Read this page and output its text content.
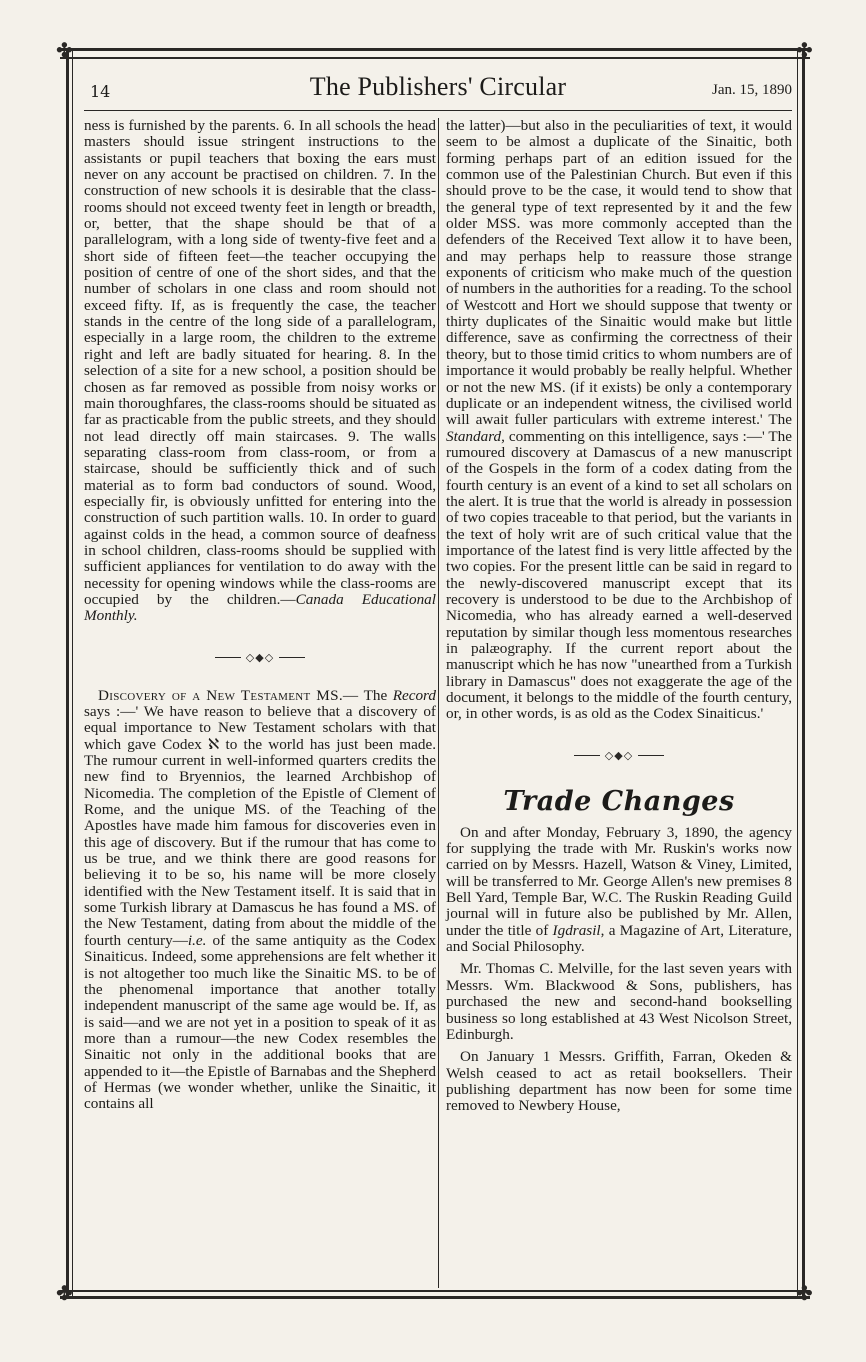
✤	✤
✤	✤
14	The Publishers' Circular	Jan. 15, 1890

ness is furnished by the parents. 6. In all schools the head masters should issue stringent instructions to the assistants or pupil teachers that boxing the ears must never on any account be practised on children. 7. In the construction of new schools it is desirable that the class-rooms should not exceed twenty feet in length or breadth, or, better, that the shape should be that of a parallelogram, with a long side of twenty-five feet and a short side of fifteen feet—the teacher occupying the position of centre of one of the short sides, and that the number of scholars in one class and room should not exceed fifty. If, as is frequently the case, the teacher stands in the centre of the long side of a parallelogram, especially in a large room, the children to the extreme right and left are badly situated for hearing. 8. In the selection of a site for a new school, a position should be chosen as far removed as possible from noisy works or main thoroughfares, the class-rooms should be situated as far as practicable from the public streets, and they should not lead directly off main staircases. 9. The walls separating class-room from class-room, or from a staircase, should be sufficiently thick and of such material as to form bad conductors of sound. Wood, especially fir, is obviously unfitted for entering into the construction of such partition walls. 10. In order to guard against colds in the head, a common source of deafness in school children, class-rooms should be supplied with sufficient appliances for ventilation to do away with the necessity for opening windows while the class-rooms are occupied by the children.—Canada Educational Monthly.

◇◆◇

Discovery of a New Testament MS.— The Record says :—' We have reason to believe that a discovery of equal importance to New Testament scholars with that which gave Codex ℵ to the world has just been made. The rumour current in well-informed quarters credits the new find to Bryennios, the learned Archbishop of Nicomedia. The completion of the Epistle of Clement of Rome, and the unique MS. of the Teaching of the Apostles have made him famous for discoveries even in this age of discovery. But if the rumour that has come to us be true, and we think there are good reasons for believing it to be so, his name will be more closely identified with the New Testament itself. It is said that in some Turkish library at Damascus he has found a MS. of the New Testament, dating from about the middle of the fourth century—i.e. of the same antiquity as the Codex Sinaiticus. Indeed, some apprehensions are felt whether it is not altogether too much like the Sinaitic MS. to be of the phenomenal importance that another totally independent manuscript of the same age would be. If, as is said—and we are not yet in a position to speak of it as more than a rumour—the new Codex resembles the Sinaitic not only in the additional books that are appended to it—the Epistle of Barnabas and the Shepherd of Hermas (we wonder whether, unlike the Sinaitic, it contains all

the latter)—but also in the peculiarities of text, it would seem to be almost a duplicate of the Sinaitic, both forming perhaps part of an edition issued for the common use of the Palestinian Church. But even if this should prove to be the case, it would tend to show that the general type of text represented by it and the few older MSS. was more commonly accepted than the defenders of the Received Text allow it to have been, and may perhaps help to reassure those strange exponents of criticism who make much of the question of numbers in the authorities for a reading. To the school of Westcott and Hort we should suppose that twenty or thirty duplicates of the Sinaitic would make but little difference, save as confirming the correctness of their theory, but to those timid critics to whom numbers are of importance it would probably be really helpful. Whether or not the new MS. (if it exists) be only a contemporary duplicate or an independent witness, the civilised world will await fuller particulars with extreme interest.' The Standard, commenting on this intelligence, says :—' The rumoured discovery at Damascus of a new manuscript of the Gospels in the form of a codex dating from the fourth century is an event of a kind to set all scholars on the alert. It is true that the world is already in possession of two copies traceable to that period, but the variants in the text of holy writ are of such critical value that the importance of the latest find is very little affected by the two copies. For the present little can be said in regard to the newly-discovered manuscript except that its recovery is understood to be due to the Archbishop of Nicomedia, who has already earned a well-deserved reputation by similar though less momentous researches in palæography. If the current report about the manuscript which he has now "unearthed from a Turkish library in Damascus" does not exaggerate the age of the document, it belongs to the middle of the fourth century, or, in other words, is as old as the Codex Sinaiticus.'

◇◆◇
Trade Changes

On and after Monday, February 3, 1890, the agency for supplying the trade with Mr. Ruskin's works now carried on by Messrs. Hazell, Watson & Viney, Limited, will be transferred to Mr. George Allen's new premises 8 Bell Yard, Temple Bar, W.C. The Ruskin Reading Guild journal will in future also be published by Mr. Allen, under the title of Igdrasil, a Magazine of Art, Literature, and Social Philosophy.

Mr. Thomas C. Melville, for the last seven years with Messrs. Wm. Blackwood & Sons, publishers, has purchased the new and second-hand bookselling business so long established at 43 West Nicolson Street, Edinburgh.

On January 1 Messrs. Griffith, Farran, Okeden & Welsh ceased to act as retail booksellers. Their publishing department has now been for some time removed to Newbery House,
